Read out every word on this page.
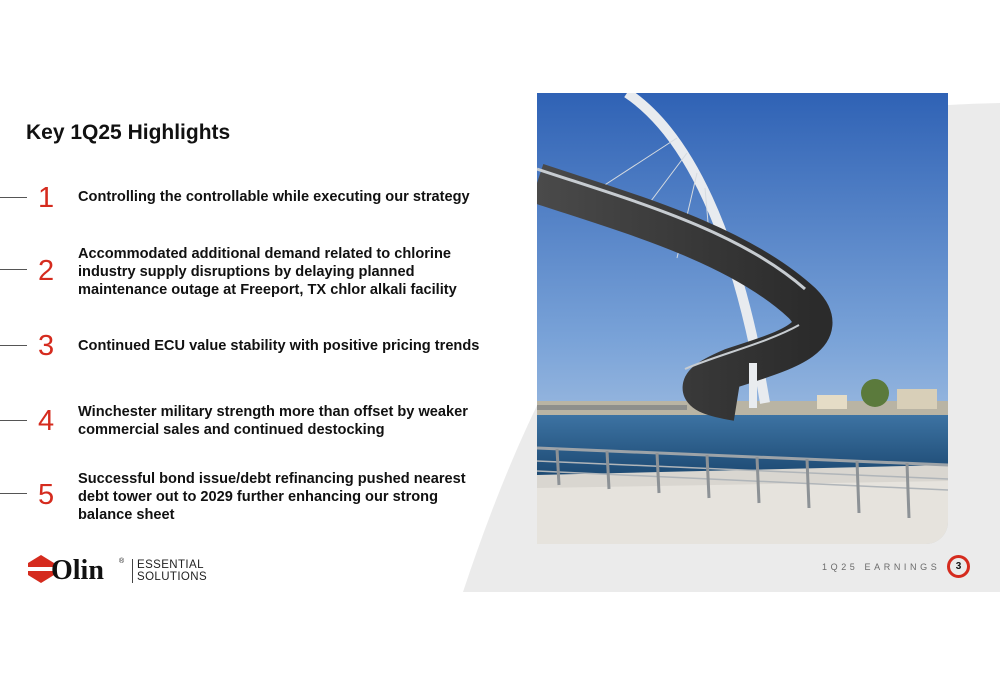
Key 1Q25 Highlights
1 Controlling the controllable while executing our strategy
2
Accommodated additional demand related to chlorine industry supply disruptions by delaying planned maintenance outage at Freeport, TX chlor alkali facility
3 Continued ECU value stability with positive pricing trends
4 Winchester military strength more than offset by weaker commercial sales and continued destocking
5 Successful bond issue/debt refinancing pushed nearest debt tower out to 2029 further enhancing our strong balance sheet
Olin ® ESSENTIAL
SOLUTIONS
1Q25 EARNINGS	3
